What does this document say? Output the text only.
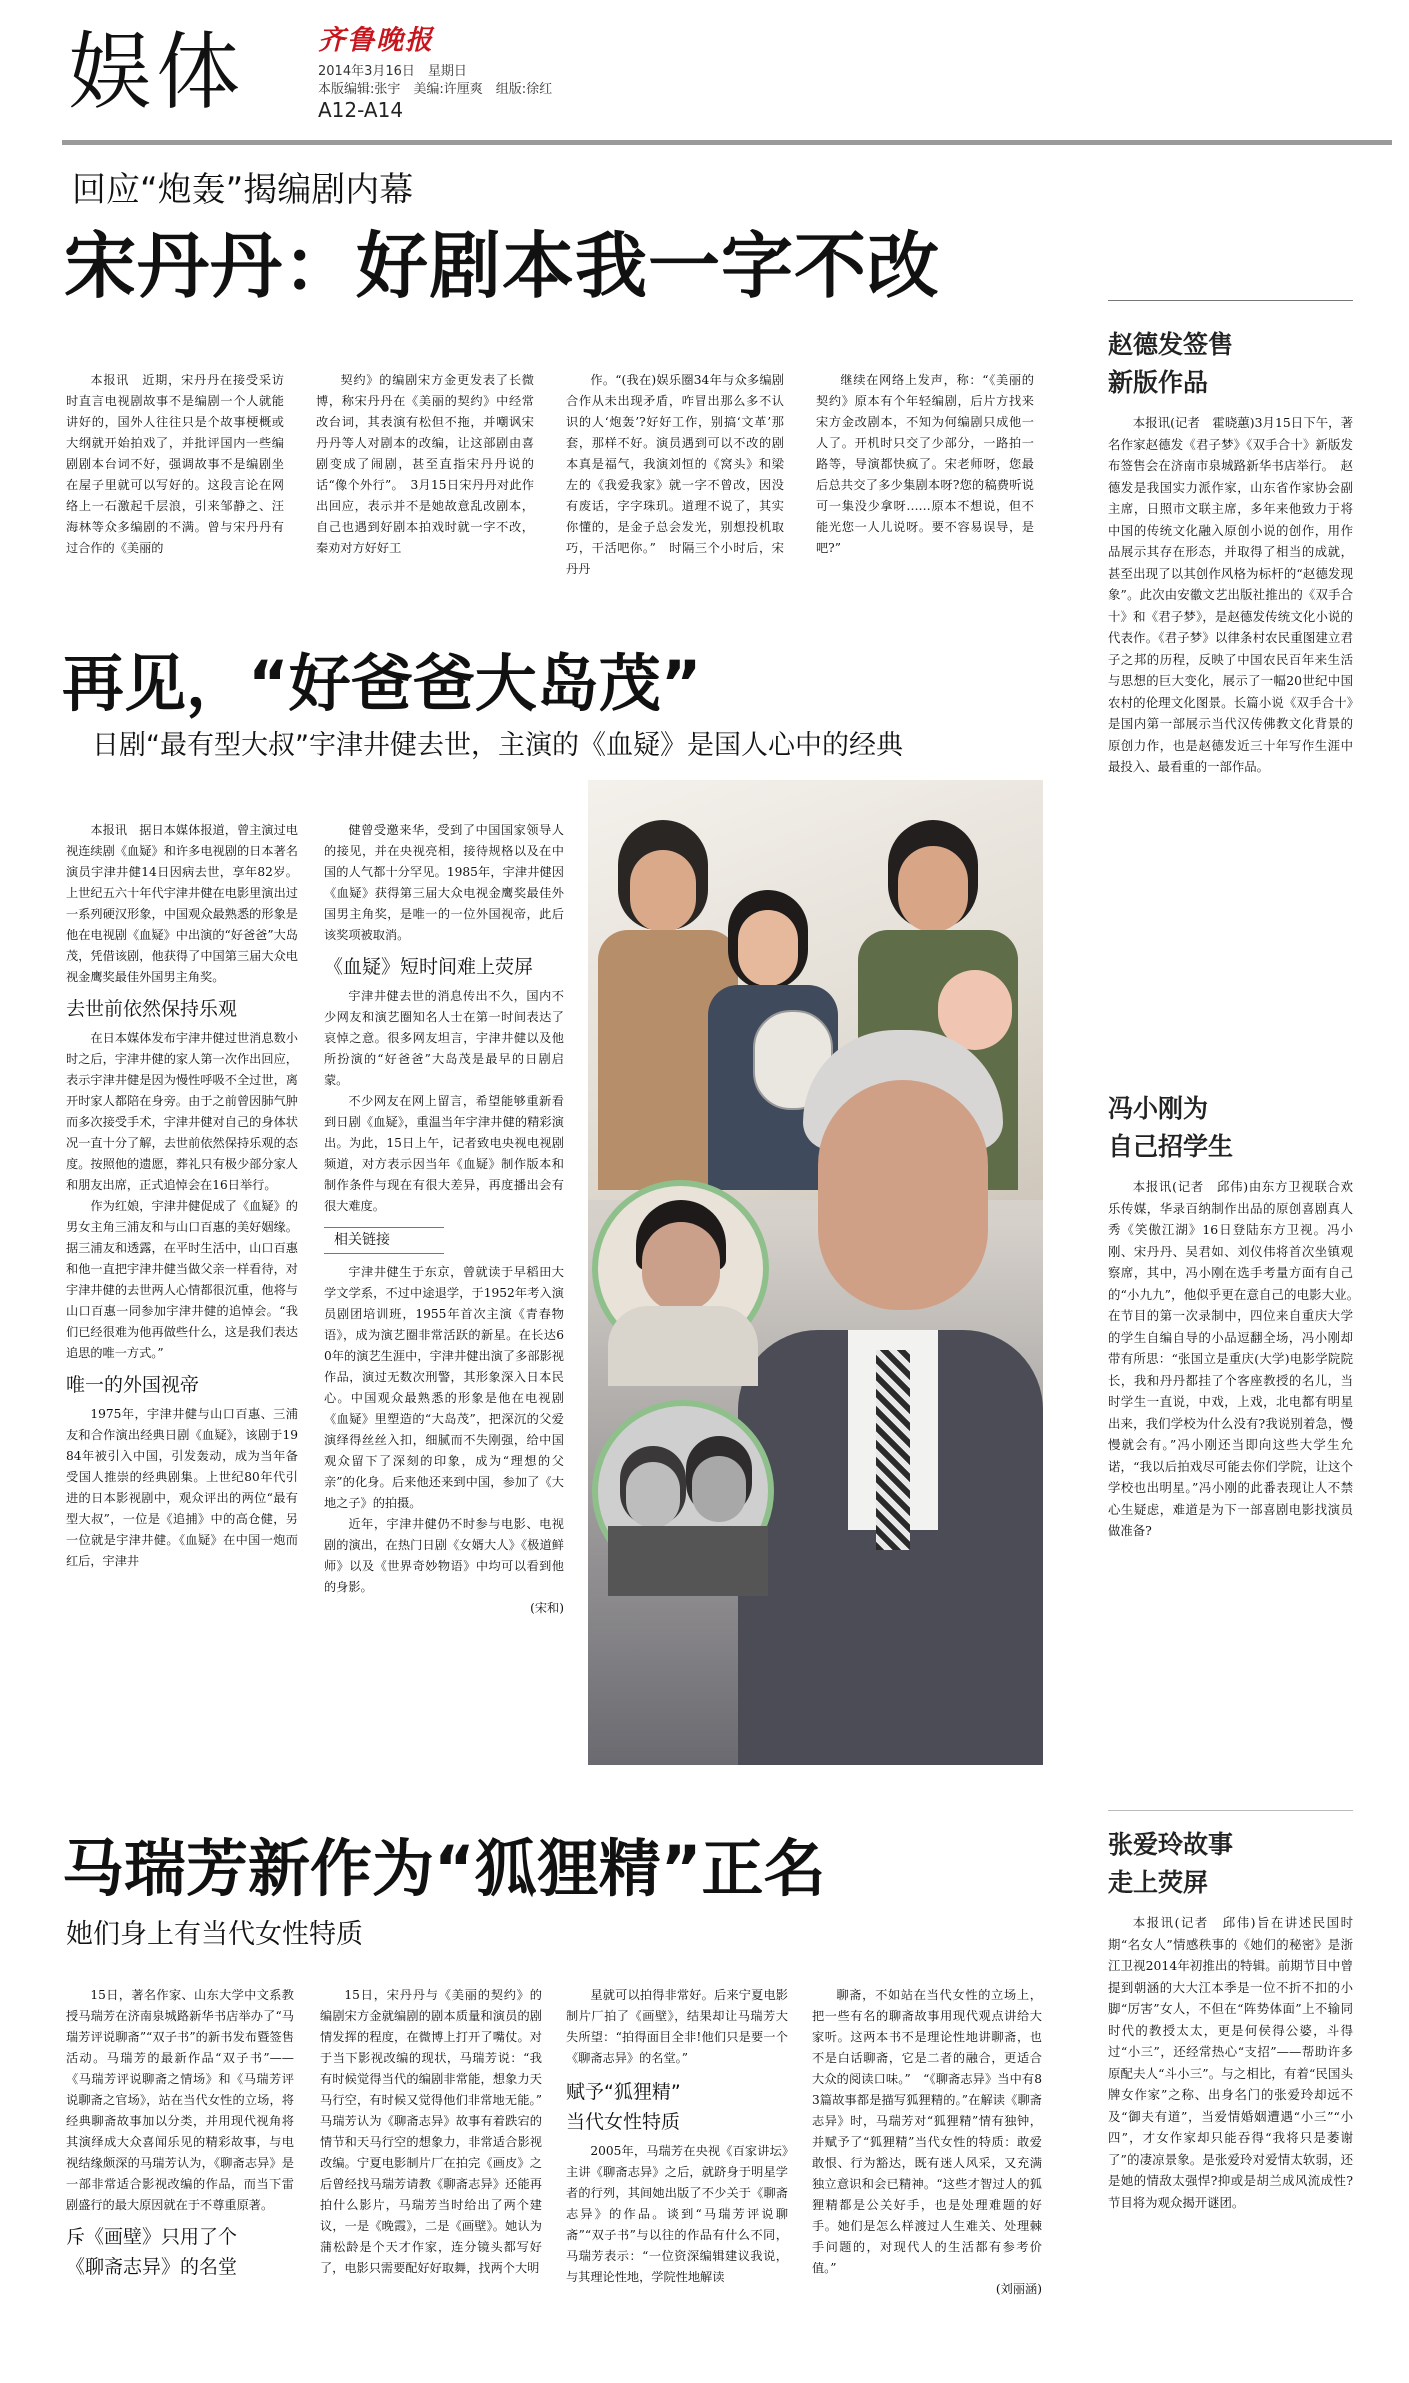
娱体	齐鲁晚报
2014年3月16日　星期日
本版编辑:张宇　美编:许厘爽　组版:徐红
A12-A14
回应“炮轰”揭编剧内幕
宋丹丹：好剧本我一字不改

本报讯　近期，宋丹丹在接受采访时直言电视剧故事不是编剧一个人就能讲好的，国外人往往只是个故事梗概或大纲就开始拍戏了，并批评国内一些编剧剧本台词不好，强调故事不是编剧坐在屋子里就可以写好的。这段言论在网络上一石激起千层浪，引来邹静之、汪海林等众多编剧的不满。曾与宋丹丹有过合作的《美丽的

契约》的编剧宋方金更发表了长微博，称宋丹丹在《美丽的契约》中经常改台词，其表演有松但不拖，并嘲讽宋丹丹等人对剧本的改编，让这部剧由喜剧变成了闹剧，甚至直指宋丹丹说的话“像个外行”。　3月15日宋丹丹对此作出回应，表示并不是她故意乱改剧本，自己也遇到好剧本拍戏时就一字不改，秦劝对方好好工

作。“(我在)娱乐圈34年与众多编剧合作从未出现矛盾，咋冒出那么多不认识的人‘炮轰’?好好工作，别搞‘文革’那套，那样不好。演员遇到可以不改的剧本真是福气，我演刘恒的《窝头》和梁左的《我爱我家》就一字不曾改，因没有废话，字字珠玑。道理不说了，其实你懂的，是金子总会发光，别想投机取巧，干活吧你。”　时隔三个小时后，宋丹丹

继续在网络上发声，称：“《美丽的契约》原本有个年轻编剧，后片方找来宋方金改剧本，不知为何编剧只成他一人了。开机时只交了少部分，一路拍一路等，导演都快疯了。宋老师呀，您最后总共交了多少集剧本呀?您的稿费听说可一集没少拿呀……原本不想说，但不能光您一人儿说呀。要不容易误导，是吧?”

再见，“好爸爸大岛茂”
日剧“最有型大叔”宇津井健去世，主演的《血疑》是国人心中的经典

本报讯　据日本媒体报道，曾主演过电视连续剧《血疑》和许多电视剧的日本著名演员宇津井健14日因病去世，享年82岁。上世纪五六十年代宇津井健在电影里演出过一系列硬汉形象，中国观众最熟悉的形象是他在电视剧《血疑》中出演的“好爸爸”大岛茂，凭借该剧，他获得了中国第三届大众电视金鹰奖最佳外国男主角奖。

去世前依然保持乐观

在日本媒体发布宇津井健过世消息数小时之后，宇津井健的家人第一次作出回应，表示宇津井健是因为慢性呼吸不全过世，离开时家人都陪在身旁。由于之前曾因肺气肿而多次接受手术，宇津井健对自己的身体状况一直十分了解，去世前依然保持乐观的态度。按照他的遗愿，葬礼只有极少部分家人和朋友出席，正式追悼会在16日举行。

作为红娘，宇津井健促成了《血疑》的男女主角三浦友和与山口百惠的美好姻缘。据三浦友和透露，在平时生活中，山口百惠和他一直把宇津井健当做父亲一样看待，对宇津井健的去世两人心情都很沉重，他将与山口百惠一同参加宇津井健的追悼会。“我们已经很难为他再做些什么，这是我们表达追思的唯一方式。”

唯一的外国视帝

1975年，宇津井健与山口百惠、三浦友和合作演出经典日剧《血疑》，该剧于1984年被引入中国，引发轰动，成为当年备受国人推崇的经典剧集。上世纪80年代引进的日本影视剧中，观众评出的两位“最有型大叔”，一位是《追捕》中的高仓健，另一位就是宇津井健。《血疑》在中国一炮而红后，宇津井

健曾受邀来华，受到了中国国家领导人的接见，并在央视亮相，接待规格以及在中国的人气都十分罕见。1985年，宇津井健因《血疑》获得第三届大众电视金鹰奖最佳外国男主角奖，是唯一的一位外国视帝，此后该奖项被取消。

《血疑》短时间难上荧屏

宇津井健去世的消息传出不久，国内不少网友和演艺圈知名人士在第一时间表达了哀悼之意。很多网友坦言，宇津井健以及他所扮演的“好爸爸”大岛茂是最早的日剧启蒙。

不少网友在网上留言，希望能够重新看到日剧《血疑》，重温当年宇津井健的精彩演出。为此，15日上午，记者致电央视电视剧频道，对方表示因当年《血疑》制作版本和制作条件与现在有很大差异，再度播出会有很大难度。

相关链接

宇津井健生于东京，曾就读于早稻田大学文学系，不过中途退学，于1952年考入演员剧团培训班，1955年首次主演《青春物语》，成为演艺圈非常活跃的新星。在长达60年的演艺生涯中，宇津井健出演了多部影视作品，演过无数次刑警，其形象深入日本民心。中国观众最熟悉的形象是他在电视剧《血疑》里塑造的“大岛茂”，把深沉的父爱演绎得丝丝入扣，细腻而不失刚强，给中国观众留下了深刻的印象，成为“理想的父亲”的化身。后来他还来到中国，参加了《大地之子》的拍摄。

近年，宇津井健仍不时参与电影、电视剧的演出，在热门日剧《女婿大人》《极道鲜师》以及《世界奇妙物语》中均可以看到他的身影。

(宋和)
马瑞芳新作为“狐狸精”正名
她们身上有当代女性特质

15日，著名作家、山东大学中文系教授马瑞芳在济南泉城路新华书店举办了“马瑞芳评说聊斋”“双子书”的新书发布暨签售活动。马瑞芳的最新作品“双子书”——《马瑞芳评说聊斋之情场》和《马瑞芳评说聊斋之官场》，站在当代女性的立场，将经典聊斋故事加以分类，并用现代视角将其演绎成大众喜闻乐见的精彩故事，与电视结缘颇深的马瑞芳认为，《聊斋志异》是一部非常适合影视改编的作品，而当下雷剧盛行的最大原因就在于不尊重原著。

斥《画壁》只用了个
《聊斋志异》的名堂

15日，宋丹丹与《美丽的契约》的编剧宋方金就编剧的剧本质量和演员的剧情发挥的程度，在微博上打开了嘴仗。对于当下影视改编的现状，马瑞芳说：“我有时候觉得当代的编剧非常能，想象力天马行空，有时候又觉得他们非常地无能。”　马瑞芳认为《聊斋志异》故事有着跌宕的情节和天马行空的想象力，非常适合影视改编。宁夏电影制片厂在拍完《画皮》之后曾经找马瑞芳请教《聊斋志异》还能再拍什么影片，马瑞芳当时给出了两个建议，一是《晚霞》，二是《画壁》。她认为蒲松龄是个天才作家，连分镜头都写好了，电影只需要配好好取舞，找两个大明

星就可以拍得非常好。后来宁夏电影制片厂拍了《画壁》，结果却让马瑞芳大失所望：“拍得面目全非!他们只是要一个《聊斋志异》的名堂。”

赋予“狐狸精”
当代女性特质

2005年，马瑞芳在央视《百家讲坛》主讲《聊斋志异》之后，就跻身于明星学者的行列，其间她出版了不少关于《聊斋志异》的作品。谈到“马瑞芳评说聊斋”“双子书”与以往的作品有什么不同，马瑞芳表示：“一位资深编辑建议我说，与其理论性地，学院性地解读

聊斋，不如站在当代女性的立场上，把一些有名的聊斋故事用现代观点讲给大家听。这两本书不是理论性地讲聊斋，也不是白话聊斋，它是二者的融合，更适合大众的阅读口味。”　“《聊斋志异》当中有83篇故事都是描写狐狸精的。”在解读《聊斋志异》时，马瑞芳对“狐狸精”情有独钟，并赋予了“狐狸精”当代女性的特质：敢爱敢恨、行为豁达，既有迷人风采，又充满独立意识和会已精神。“这些才智过人的狐狸精都是公关好手，也是处理难题的好手。她们是怎么样渡过人生难关、处理棘手问题的，对现代人的生活都有参考价值。”

(刘丽涵)
赵德发签售
新版作品

本报讯(记者　霍晓蕙)3月15日下午，著名作家赵德发《君子梦》《双手合十》新版发布签售会在济南市泉城路新华书店举行。　赵德发是我国实力派作家，山东省作家协会副主席，日照市文联主席，多年来他致力于将中国的传统文化融入原创小说的创作，用作品展示其存在形态，并取得了相当的成就，甚至出现了以其创作风格为标杆的“赵德发现象”。此次由安徽文艺出版社推出的《双手合十》和《君子梦》，是赵德发传统文化小说的代表作。《君子梦》以律条村农民重图建立君子之邦的历程，反映了中国农民百年来生活与思想的巨大变化，展示了一幅20世纪中国农村的伦理文化图景。长篇小说《双手合十》是国内第一部展示当代汉传佛教文化背景的原创力作，也是赵德发近三十年写作生涯中最投入、最看重的一部作品。

冯小刚为
自己招学生

本报讯(记者　邱伟)由东方卫视联合欢乐传媒，华录百纳制作出品的原创喜剧真人秀《笑傲江湖》16日登陆东方卫视。冯小刚、宋丹丹、吴君如、刘仪伟将首次坐镇观察席，其中，冯小刚在选手考量方面有自己的“小九九”，他似乎更在意自己的电影大业。　在节目的第一次录制中，四位来自重庆大学的学生自编自导的小品逗翻全场，冯小刚却带有所思：“张国立是重庆(大学)电影学院院长，我和丹丹都挂了个客座教授的名儿，当时学生一直说，中戏，上戏，北电都有明星出来，我们学校为什么没有?我说别着急，慢慢就会有。”冯小刚还当即向这些大学生允诺，“我以后拍戏尽可能去你们学院，让这个学校也出明星。”冯小刚的此番表现让人不禁心生疑虑，难道是为下一部喜剧电影找演员做准备?

张爱玲故事
走上荧屏

本报讯(记者　邱伟)旨在讲述民国时期“名女人”情感秩事的《她们的秘密》是浙江卫视2014年初推出的特辑。前期节目中曾提到朝涵的大大江本季是一位不折不扣的小脚“厉害”女人，不但在“阵势体面”上不输同时代的教授太太，更是何侯得公婆，斗得过“小三”，还经常热心“支招”——帮助许多原配夫人“斗小三”。与之相比，有着“民国头牌女作家”之称、出身名门的张爱玲却远不及“御夫有道”，当爱情婚姻遭遇“小三”“小四”，才女作家却只能吞得“我将只是萎谢了”的凄凉景象。是张爱玲对爱情太软弱，还是她的情敌太强悍?抑或是胡兰成风流成性?节目将为观众揭开谜团。
